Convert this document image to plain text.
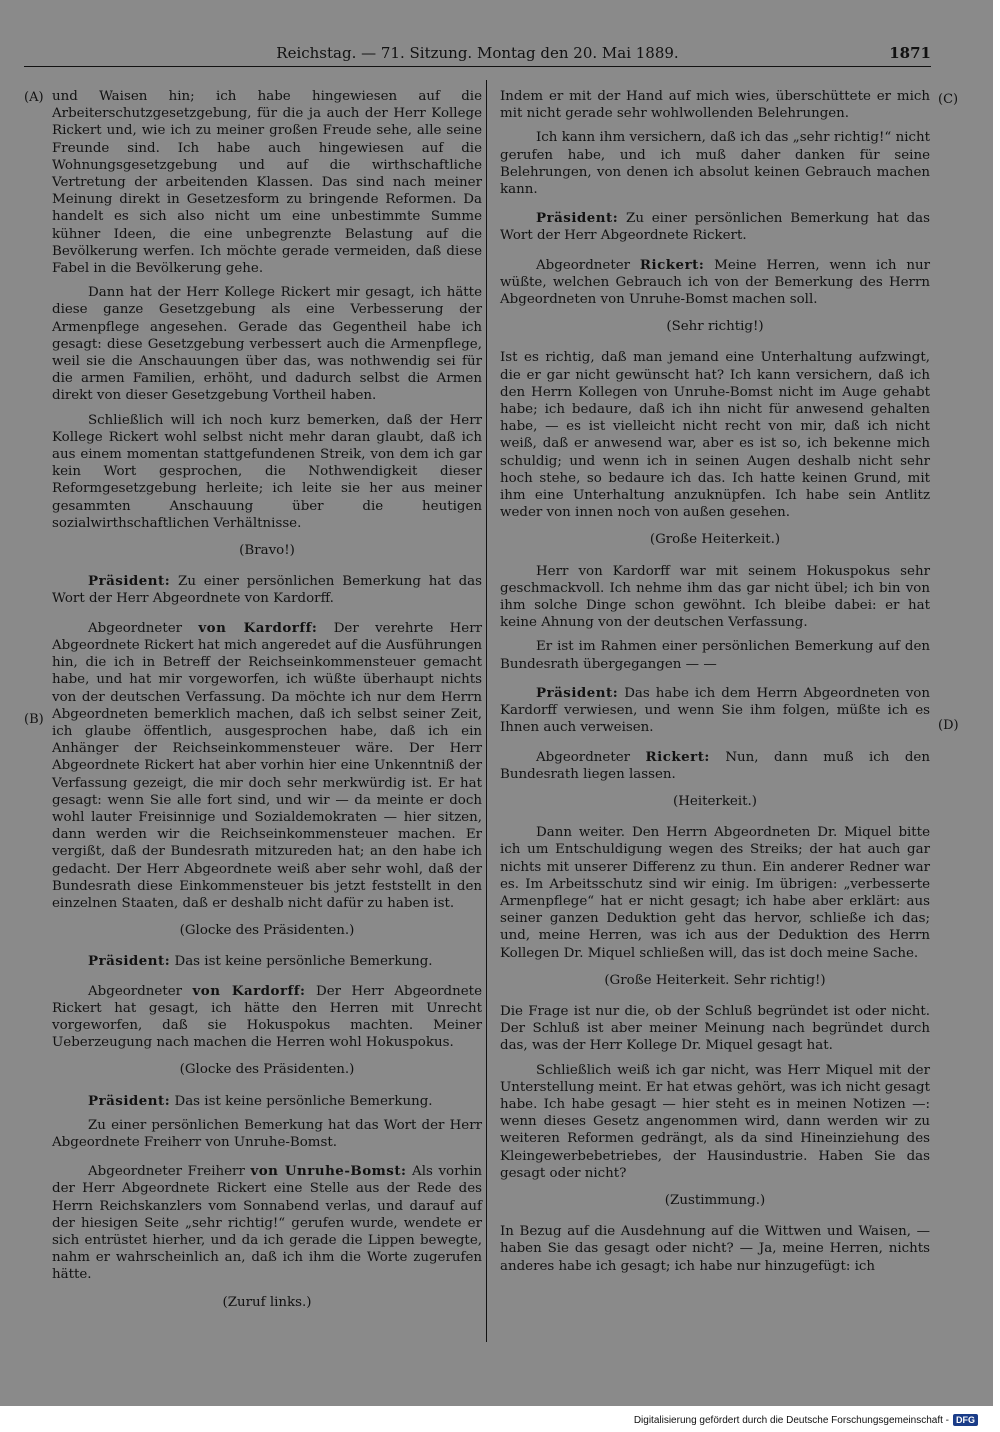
Reichstag. — 71. Sitzung. Montag den 20. Mai 1889.	1871
(A)
(B)
(C)
(D)

und Waisen hin; ich habe hingewiesen auf die Arbeiterschutzgesetzgebung, für die ja auch der Herr Kollege Rickert und, wie ich zu meiner großen Freude sehe, alle seine Freunde sind. Ich habe auch hingewiesen auf die Wohnungsgesetzgebung und auf die wirthschaftliche Vertretung der arbeitenden Klassen. Das sind nach meiner Meinung direkt in Gesetzesform zu bringende Reformen. Da handelt es sich also nicht um eine unbestimmte Summe kühner Ideen, die eine unbegrenzte Belastung auf die Bevölkerung werfen. Ich möchte gerade vermeiden, daß diese Fabel in die Bevölkerung gehe.

Dann hat der Herr Kollege Rickert mir gesagt, ich hätte diese ganze Gesetzgebung als eine Verbesserung der Armenpflege angesehen. Gerade das Gegentheil habe ich gesagt: diese Gesetzgebung verbessert auch die Armenpflege, weil sie die Anschauungen über das, was nothwendig sei für die armen Familien, erhöht, und dadurch selbst die Armen direkt von dieser Gesetzgebung Vortheil haben.

Schließlich will ich noch kurz bemerken, daß der Herr Kollege Rickert wohl selbst nicht mehr daran glaubt, daß ich aus einem momentan stattgefundenen Streik, von dem ich gar kein Wort gesprochen, die Nothwendigkeit dieser Reformgesetzgebung herleite; ich leite sie her aus meiner gesammten Anschauung über die heutigen sozialwirthschaftlichen Verhältnisse.

(Bravo!)

Präsident: Zu einer persönlichen Bemerkung hat das Wort der Herr Abgeordnete von Kardorff.

Abgeordneter von Kardorff: Der verehrte Herr Abgeordnete Rickert hat mich angeredet auf die Ausführungen hin, die ich in Betreff der Reichseinkommensteuer gemacht habe, und hat mir vorgeworfen, ich wüßte überhaupt nichts von der deutschen Verfassung. Da möchte ich nur dem Herrn Abgeordneten bemerklich machen, daß ich selbst seiner Zeit, ich glaube öffentlich, ausgesprochen habe, daß ich ein Anhänger der Reichseinkommensteuer wäre. Der Herr Abgeordnete Rickert hat aber vorhin hier eine Unkenntniß der Verfassung gezeigt, die mir doch sehr merkwürdig ist. Er hat gesagt: wenn Sie alle fort sind, und wir — da meinte er doch wohl lauter Freisinnige und Sozialdemokraten — hier sitzen, dann werden wir die Reichseinkommensteuer machen. Er vergißt, daß der Bundesrath mitzureden hat; an den habe ich gedacht. Der Herr Abgeordnete weiß aber sehr wohl, daß der Bundesrath diese Einkommensteuer bis jetzt feststellt in den einzelnen Staaten, daß er deshalb nicht dafür zu haben ist.

(Glocke des Präsidenten.)

Präsident: Das ist keine persönliche Bemerkung.

Abgeordneter von Kardorff: Der Herr Abgeordnete Rickert hat gesagt, ich hätte den Herren mit Unrecht vorgeworfen, daß sie Hokuspokus machten. Meiner Ueberzeugung nach machen die Herren wohl Hokuspokus.

(Glocke des Präsidenten.)

Präsident: Das ist keine persönliche Bemerkung.

Zu einer persönlichen Bemerkung hat das Wort der Herr Abgeordnete Freiherr von Unruhe-Bomst.

Abgeordneter Freiherr von Unruhe-Bomst: Als vorhin der Herr Abgeordnete Rickert eine Stelle aus der Rede des Herrn Reichskanzlers vom Sonnabend verlas, und darauf auf der hiesigen Seite „sehr richtig!“ gerufen wurde, wendete er sich entrüstet hierher, und da ich gerade die Lippen bewegte, nahm er wahrscheinlich an, daß ich ihm die Worte zugerufen hätte.

(Zuruf links.)

Indem er mit der Hand auf mich wies, überschüttete er mich mit nicht gerade sehr wohlwollenden Belehrungen.

Ich kann ihm versichern, daß ich das „sehr richtig!“ nicht gerufen habe, und ich muß daher danken für seine Belehrungen, von denen ich absolut keinen Gebrauch machen kann.

Präsident: Zu einer persönlichen Bemerkung hat das Wort der Herr Abgeordnete Rickert.

Abgeordneter Rickert: Meine Herren, wenn ich nur wüßte, welchen Gebrauch ich von der Bemerkung des Herrn Abgeordneten von Unruhe-Bomst machen soll.

(Sehr richtig!)

Ist es richtig, daß man jemand eine Unterhaltung aufzwingt, die er gar nicht gewünscht hat? Ich kann versichern, daß ich den Herrn Kollegen von Unruhe-Bomst nicht im Auge gehabt habe; ich bedaure, daß ich ihn nicht für anwesend gehalten habe, — es ist vielleicht nicht recht von mir, daß ich nicht weiß, daß er anwesend war, aber es ist so, ich bekenne mich schuldig; und wenn ich in seinen Augen deshalb nicht sehr hoch stehe, so bedaure ich das. Ich hatte keinen Grund, mit ihm eine Unterhaltung anzuknüpfen. Ich habe sein Antlitz weder von innen noch von außen gesehen.

(Große Heiterkeit.)

Herr von Kardorff war mit seinem Hokuspokus sehr geschmackvoll. Ich nehme ihm das gar nicht übel; ich bin von ihm solche Dinge schon gewöhnt. Ich bleibe dabei: er hat keine Ahnung von der deutschen Verfassung.

Er ist im Rahmen einer persönlichen Bemerkung auf den Bundesrath übergegangen — —

Präsident: Das habe ich dem Herrn Abgeordneten von Kardorff verwiesen, und wenn Sie ihm folgen, müßte ich es Ihnen auch verweisen.

Abgeordneter Rickert: Nun, dann muß ich den Bundesrath liegen lassen.

(Heiterkeit.)

Dann weiter. Den Herrn Abgeordneten Dr. Miquel bitte ich um Entschuldigung wegen des Streiks; der hat auch gar nichts mit unserer Differenz zu thun. Ein anderer Redner war es. Im Arbeitsschutz sind wir einig. Im übrigen: „verbesserte Armenpflege“ hat er nicht gesagt; ich habe aber erklärt: aus seiner ganzen Deduktion geht das hervor, schließe ich das; und, meine Herren, was ich aus der Deduktion des Herrn Kollegen Dr. Miquel schließen will, das ist doch meine Sache.

(Große Heiterkeit. Sehr richtig!)

Die Frage ist nur die, ob der Schluß begründet ist oder nicht. Der Schluß ist aber meiner Meinung nach begründet durch das, was der Herr Kollege Dr. Miquel gesagt hat.

Schließlich weiß ich gar nicht, was Herr Miquel mit der Unterstellung meint. Er hat etwas gehört, was ich nicht gesagt habe. Ich habe gesagt — hier steht es in meinen Notizen —: wenn dieses Gesetz angenommen wird, dann werden wir zu weiteren Reformen gedrängt, als da sind Hineinziehung des Kleingewerbebetriebes, der Hausindustrie. Haben Sie das gesagt oder nicht?

(Zustimmung.)

In Bezug auf die Ausdehnung auf die Wittwen und Waisen, — haben Sie das gesagt oder nicht? — Ja, meine Herren, nichts anderes habe ich gesagt; ich habe nur hinzugefügt: ich

Digitalisierung gefördert durch die Deutsche Forschungsgemeinschaft - DFG
